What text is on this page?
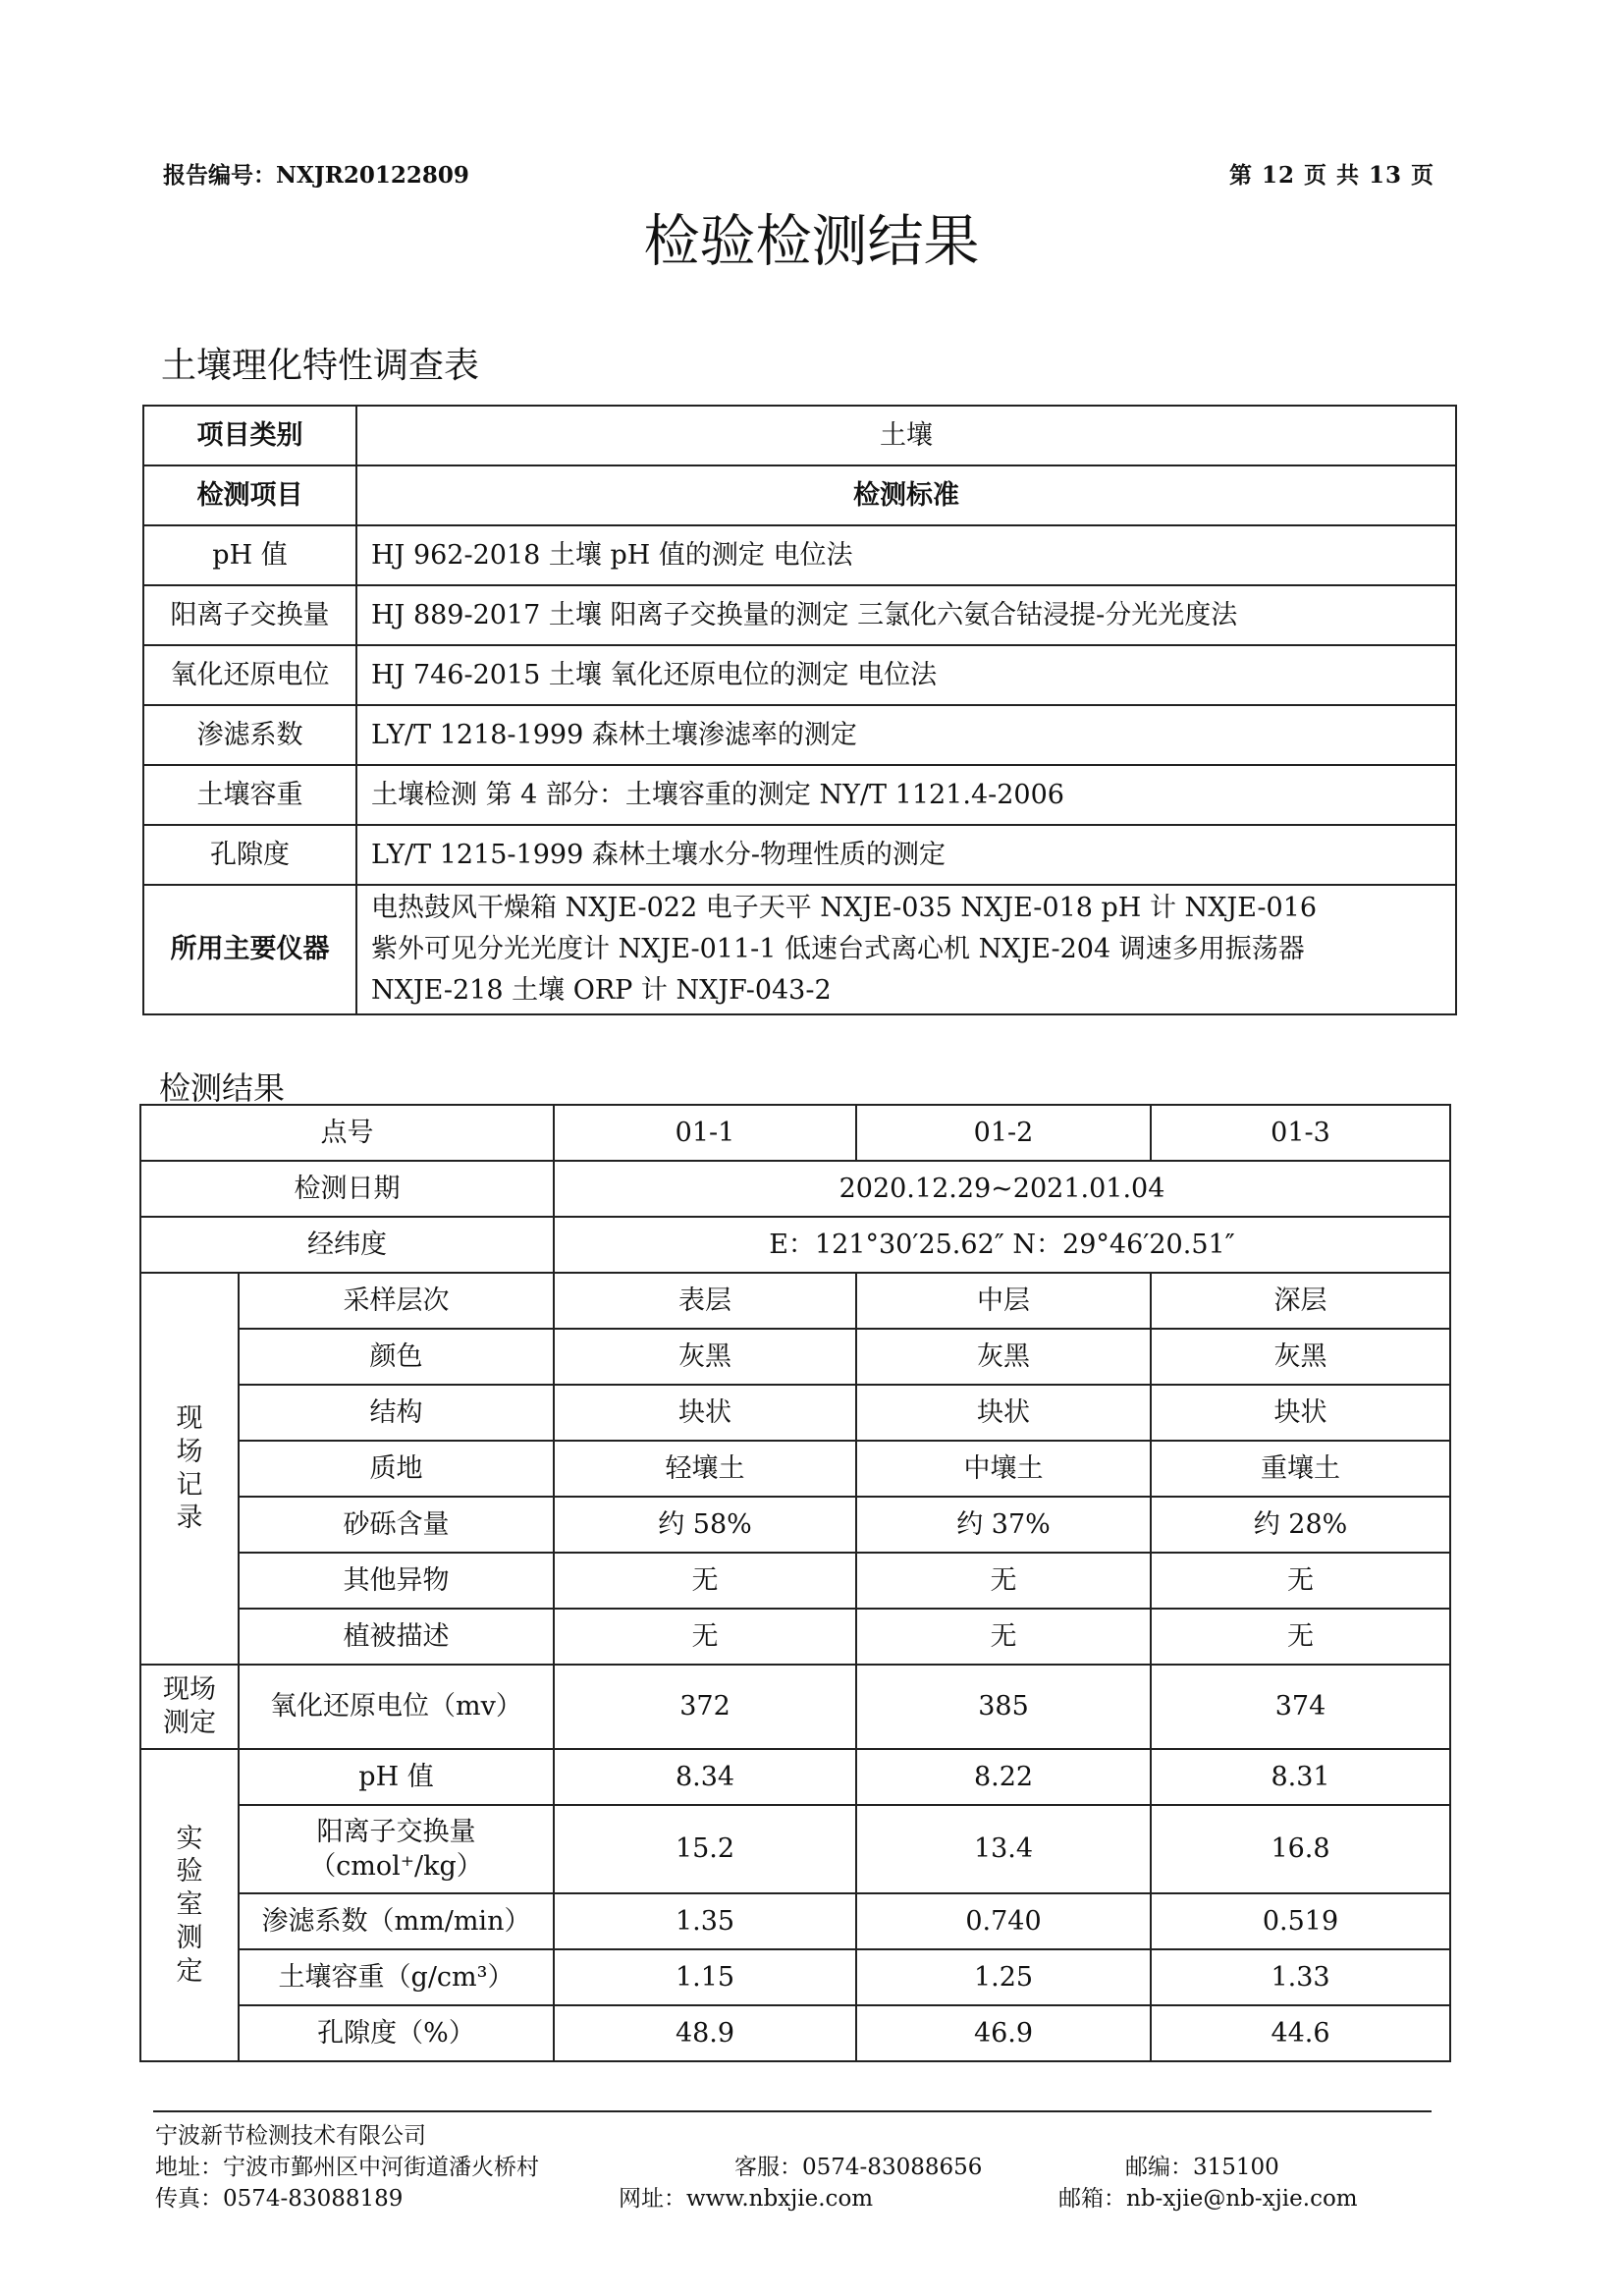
报告编号：NXJR20122809	第 12 页 共 13 页
检验检测结果
土壤理化特性调查表
项目类别	土壤
检测项目	检测标准
pH 值	HJ 962-2018 土壤 pH 值的测定 电位法
阳离子交换量	HJ 889-2017 土壤 阳离子交换量的测定 三氯化六氨合钴浸提-分光光度法
氧化还原电位	HJ 746-2015 土壤 氧化还原电位的测定 电位法
渗滤系数	LY/T 1218-1999 森林土壤渗滤率的测定
土壤容重	土壤检测 第 4 部分：土壤容重的测定 NY/T 1121.4-2006
孔隙度	LY/T 1215-1999 森林土壤水分-物理性质的测定
所用主要仪器	电热鼓风干燥箱 NXJE-022 电子天平 NXJE-035 NXJE-018 pH 计 NXJE-016
紫外可见分光光度计 NXJE-011-1 低速台式离心机 NXJE-204 调速多用振荡器
NXJE-218 土壤 ORP 计 NXJF-043-2
检测结果
点号		01-1	01-2	01-3
检测日期		2020.12.29~2021.01.04		
经纬度		E：121°30′25.62″ N：29°46′20.51″		

现
场
记
录	采样层次	表层	中层	深层
	颜色	灰黑	灰黑	灰黑
	结构	块状	块状	块状
	质地	轻壤土	中壤土	重壤土
	砂砾含量	约 58%	约 37%	约 28%
	其他异物	无	无	无
	植被描述	无	无	无

现场
测定	氧化还原电位（mv）	372	385	374

实
验
室
测
定	pH 值	8.34	8.22	8.31

	阳离子交换量
（cmol⁺/kg）	15.2	13.4	16.8
	渗滤系数（mm/min）	1.35	0.740	0.519
	土壤容重（g/cm³）	1.15	1.25	1.33
	孔隙度（%）	48.9	46.9	44.6
宁波新节检测技术有限公司
地址：宁波市鄞州区中河街道潘火桥村	客服：0574-83088656	邮编：315100
传真：0574-83088189	网址：www.nbxjie.com	邮箱：nb-xjie@nb-xjie.com
